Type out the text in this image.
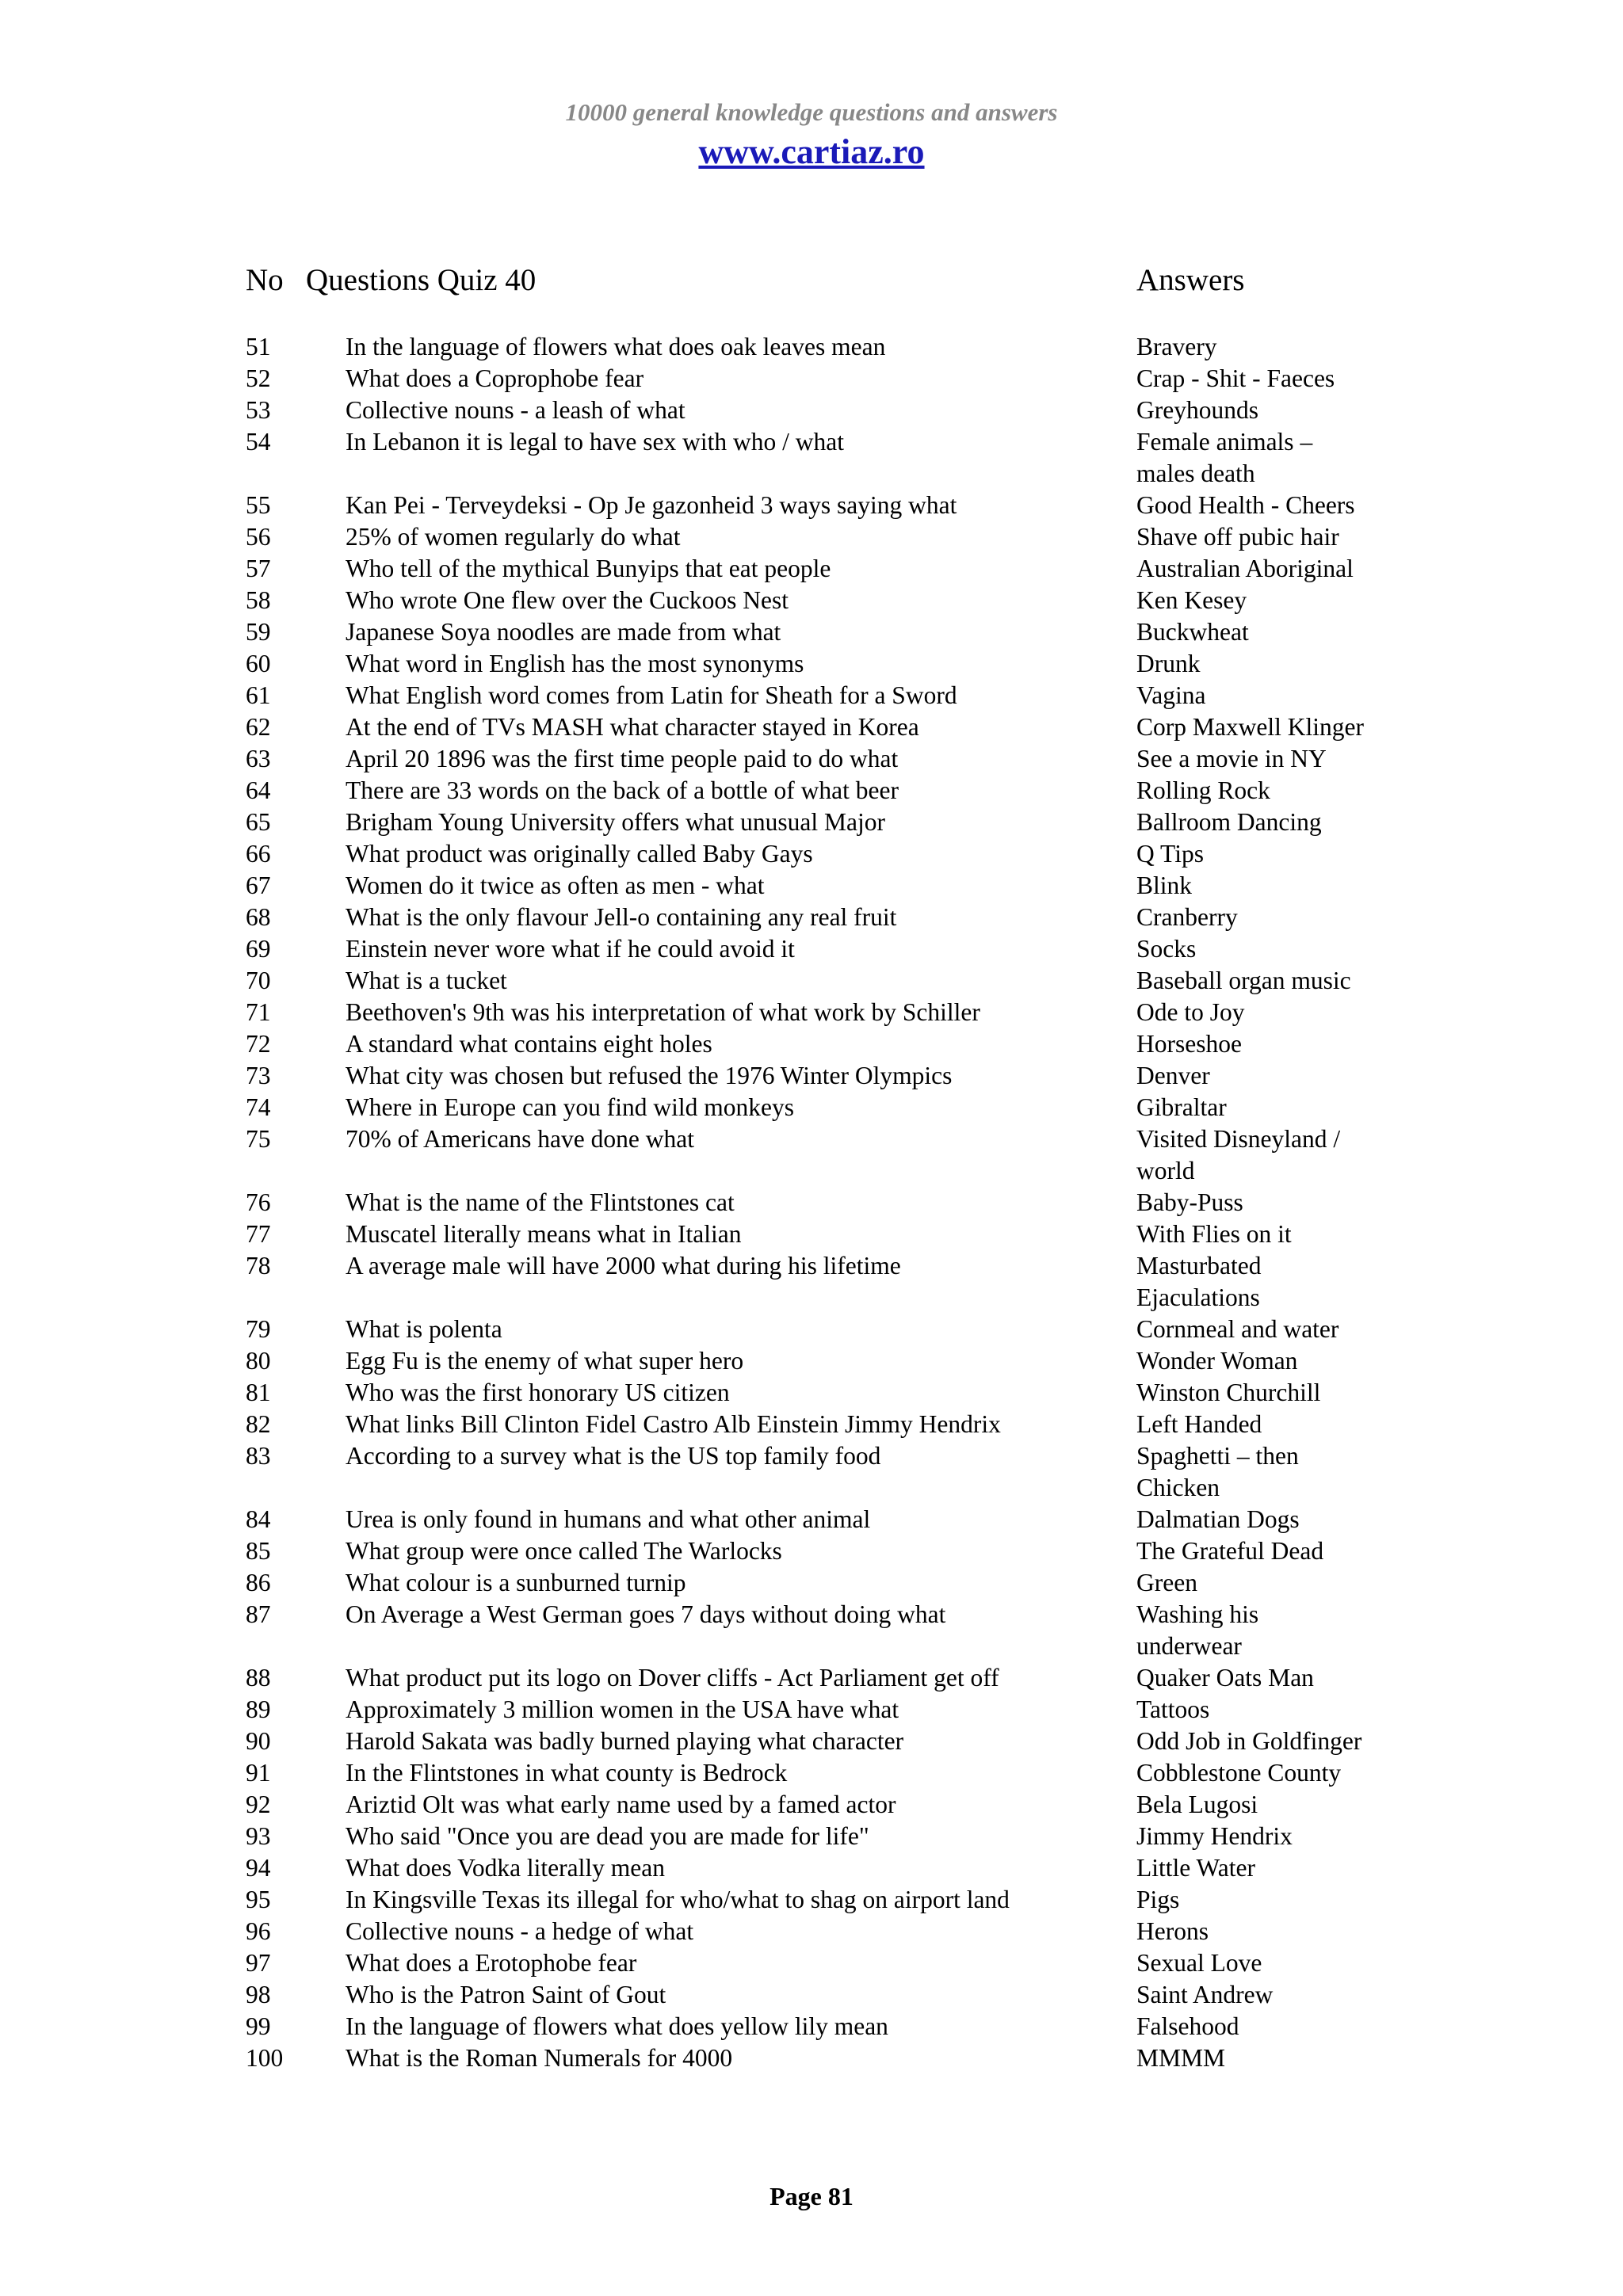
10000 general knowledge questions and answers
www.cartiaz.ro
No Questions Quiz 40	Answers
51	In the language of flowers what does oak leaves mean	Bravery

52	What does a Coprophobe fear	Crap - Shit - Faeces

53	Collective nouns - a leash of what	Greyhounds

54	In Lebanon it is legal to have sex with who / what	Female animals –
males death

55	Kan Pei - Terveydeksi - Op Je gazonheid 3 ways saying what	Good Health - Cheers

56	25% of women regularly do what	Shave off pubic hair

57	Who tell of the mythical Bunyips that eat people	Australian Aboriginal

58	Who wrote One flew over the Cuckoos Nest	Ken Kesey

59	Japanese Soya noodles are made from what	Buckwheat

60	What word in English has the most synonyms	Drunk

61	What English word comes from Latin for Sheath for a Sword	Vagina

62	At the end of TVs MASH what character stayed in Korea	Corp Maxwell Klinger

63	April 20 1896 was the first time people paid to do what	See a movie in NY

64	There are 33 words on the back of a bottle of what beer	Rolling Rock

65	Brigham Young University offers what unusual Major	Ballroom Dancing

66	What product was originally called Baby Gays	Q Tips

67	Women do it twice as often as men - what	Blink

68	What is the only flavour Jell-o containing any real fruit	Cranberry

69	Einstein never wore what if he could avoid it	Socks

70	What is a tucket	Baseball organ music

71	Beethoven's 9th was his interpretation of what work by Schiller	Ode to Joy

72	A standard what contains eight holes	Horseshoe

73	What city was chosen but refused the 1976 Winter Olympics	Denver

74	Where in Europe can you find wild monkeys	Gibraltar

75	70% of Americans have done what	Visited Disneyland /
world

76	What is the name of the Flintstones cat	Baby-Puss

77	Muscatel literally means what in Italian	With Flies on it

78	A average male will have 2000 what during his lifetime	Masturbated
Ejaculations

79	What is polenta	Cornmeal and water

80	Egg Fu is the enemy of what super hero	Wonder Woman

81	Who was the first honorary US citizen	Winston Churchill

82	What links Bill Clinton Fidel Castro Alb Einstein Jimmy Hendrix	Left Handed

83	According to a survey what is the US top family food	Spaghetti – then
Chicken

84	Urea is only found in humans and what other animal	Dalmatian Dogs

85	What group were once called The Warlocks	The Grateful Dead

86	What colour is a sunburned turnip	Green

87	On Average a West German goes 7 days without doing what	Washing his
underwear

88	What product put its logo on Dover cliffs - Act Parliament get off	Quaker Oats Man

89	Approximately 3 million women in the USA have what	Tattoos

90	Harold Sakata was badly burned playing what character	Odd Job in Goldfinger

91	In the Flintstones in what county is Bedrock	Cobblestone County

92	Ariztid Olt was what early name used by a famed actor	Bela Lugosi

93	Who said "Once you are dead you are made for life"	Jimmy Hendrix

94	What does Vodka literally mean	Little Water

95	In Kingsville Texas its illegal for who/what to shag on airport land	Pigs

96	Collective nouns - a hedge of what	Herons

97	What does a Erotophobe fear	Sexual Love

98	Who is the Patron Saint of Gout	Saint Andrew

99	In the language of flowers what does yellow lily mean	Falsehood

100	What is the Roman Numerals for 4000	MMMM
Page 81
